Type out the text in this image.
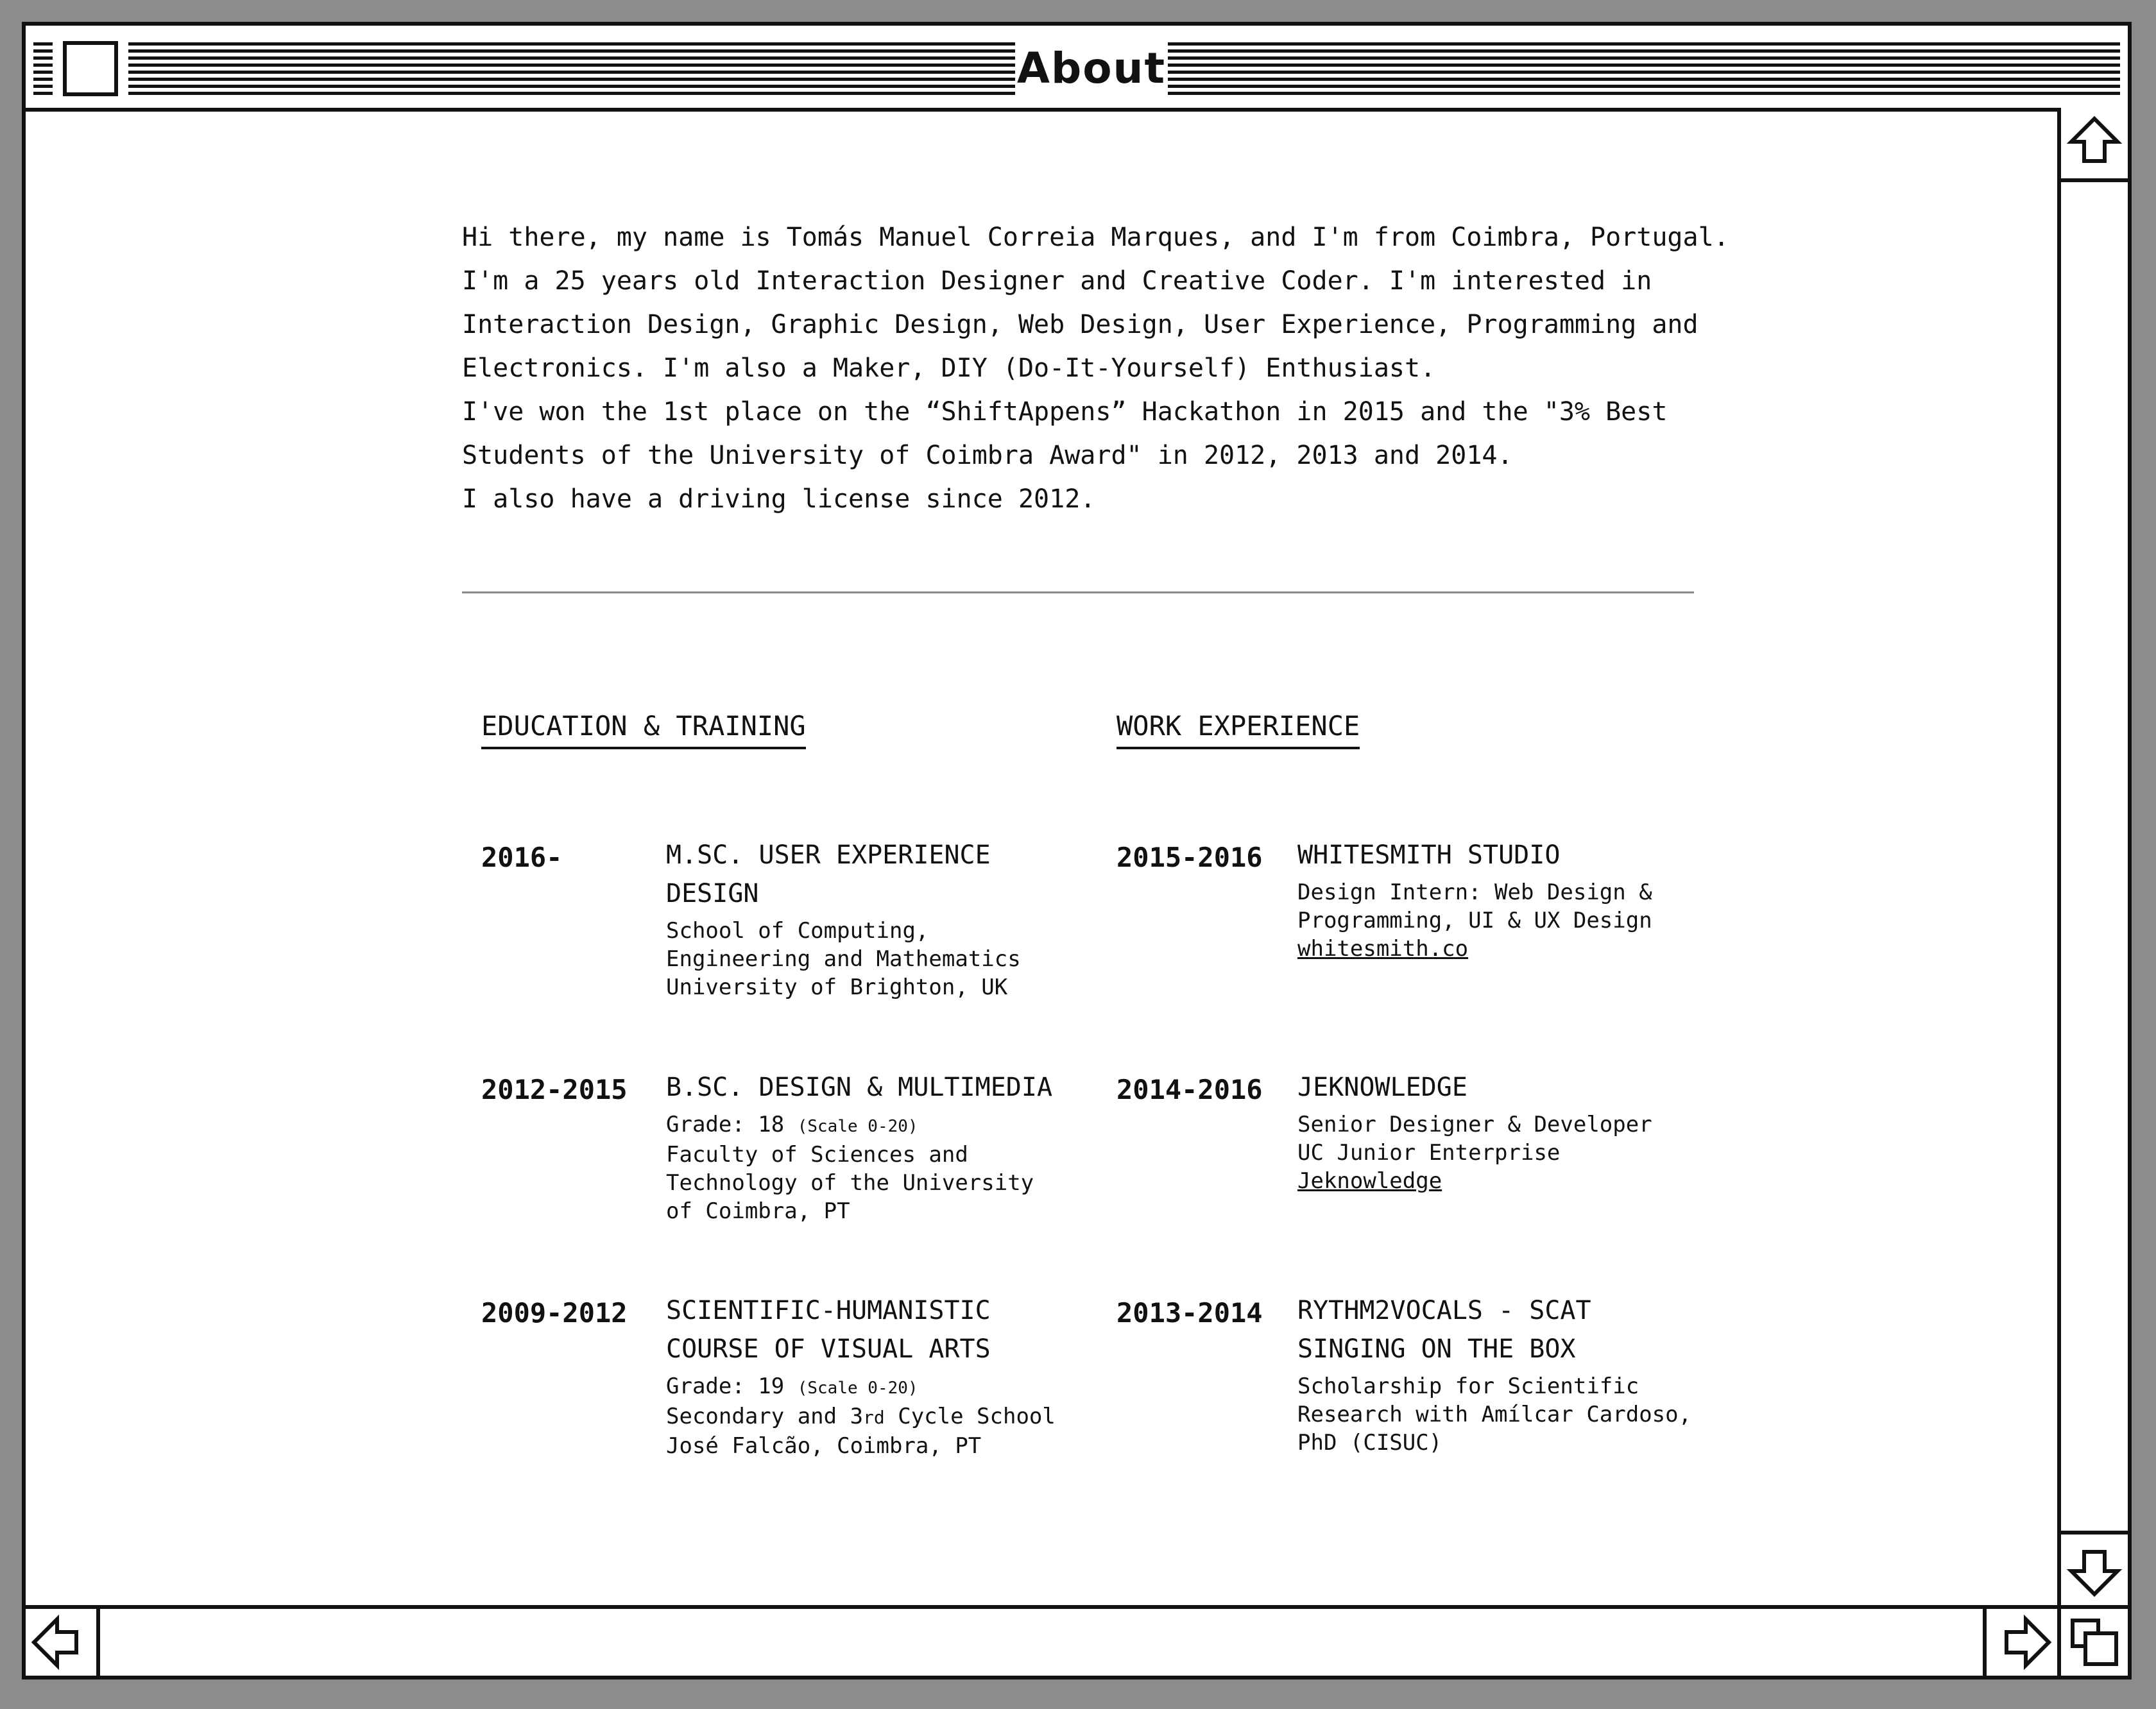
About

Hi there, my name is Tomás Manuel Correia Marques, and I'm from Coimbra, Portugal.

I'm a 25 years old Interaction Designer and Creative Coder. I'm interested in

Interaction Design, Graphic Design, Web Design, User Experience, Programming and

Electronics. I'm also a Maker, DIY (Do-It-Yourself) Enthusiast.

I've won the 1st place on the “ShiftAppens” Hackathon in 2015 and the "3% Best

Students of the University of Coimbra Award" in 2012, 2013 and 2014.

I also have a driving license since 2012.

EDUCATION & TRAINING
2016-	M.SC. USER EXPERIENCE
DESIGN
School of Computing,
Engineering and Mathematics
University of Brighton, UK
2012-2015 B.SC. DESIGN & MULTIMEDIA
Grade: 18 (Scale 0-20)
Faculty of Sciences and
Technology of the University
of Coimbra, PT
2009-2012 SCIENTIFIC-HUMANISTIC
COURSE OF VISUAL ARTS
Grade: 19 (Scale 0-20)
Secondary and 3rd Cycle School
José Falcão, Coimbra, PT
WORK EXPERIENCE
2015-2016 WHITESMITH STUDIO
Design Intern: Web Design &
Programming, UI & UX Design
whitesmith.co
2014-2016 JEKNOWLEDGE
Senior Designer & Developer
UC Junior Enterprise
Jeknowledge
2013-2014 RYTHM2VOCALS - SCAT
SINGING ON THE BOX
Scholarship for Scientific
Research with Amílcar Cardoso,
PhD (CISUC)
